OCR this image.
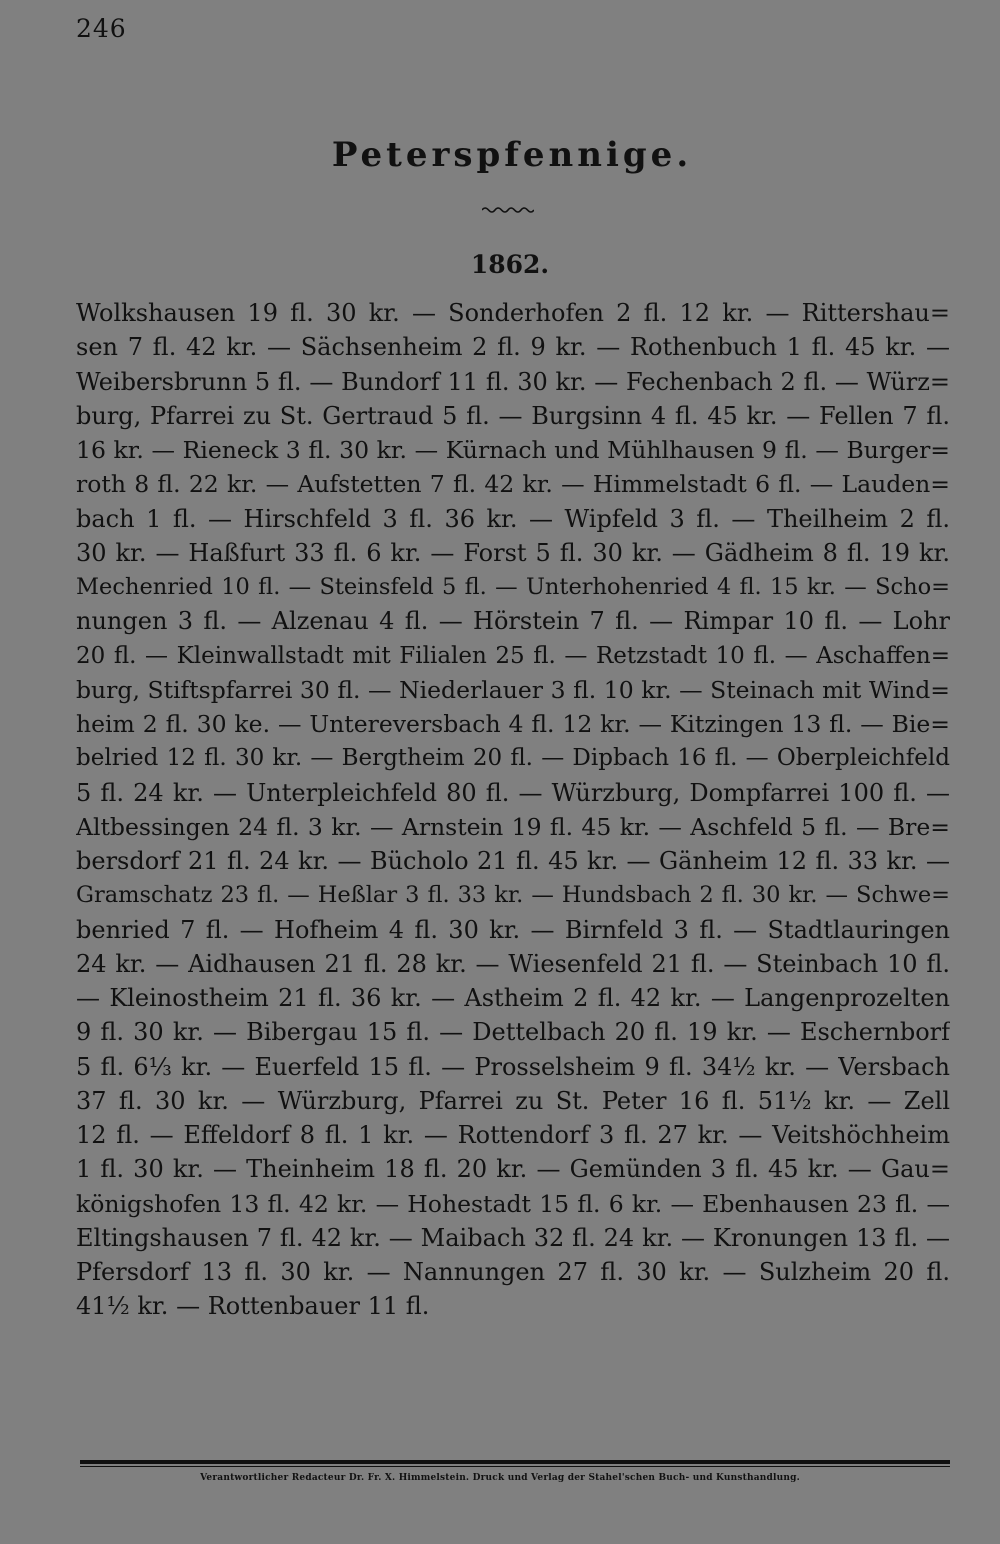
246
Peterspfennige.
1862.
Wolkshausen 19 fl. 30 kr. — Sonderhofen 2 fl. 12 kr. — Rittershau=
sen 7 fl. 42 kr. — Sächsenheim 2 fl. 9 kr. — Rothenbuch 1 fl. 45 kr. —
Weibersbrunn 5 fl. — Bundorf 11 fl. 30 kr. — Fechenbach 2 fl. — Würz=
burg, Pfarrei zu St. Gertraud 5 fl. — Burgsinn 4 fl. 45 kr. — Fellen 7 fl.
16 kr. — Rieneck 3 fl. 30 kr. — Kürnach und Mühlhausen 9 fl. — Burger=
roth 8 fl. 22 kr. — Aufstetten 7 fl. 42 kr. — Himmelstadt 6 fl. — Lauden=
bach 1 fl. — Hirschfeld 3 fl. 36 kr. — Wipfeld 3 fl. — Theilheim 2 fl.
30 kr. — Haßfurt 33 fl. 6 kr. — Forst 5 fl. 30 kr. — Gädheim 8 fl. 19 kr.
Mechenried 10 fl. — Steinsfeld 5 fl. — Unterhohenried 4 fl. 15 kr. — Scho=
nungen 3 fl. — Alzenau 4 fl. — Hörstein 7 fl. — Rimpar 10 fl. — Lohr
20 fl. — Kleinwallstadt mit Filialen 25 fl. — Retzstadt 10 fl. — Aschaffen=
burg, Stiftspfarrei 30 fl. — Niederlauer 3 fl. 10 kr. — Steinach mit Wind=
heim 2 fl. 30 ke. — Untereversbach 4 fl. 12 kr. — Kitzingen 13 fl. — Bie=
belried 12 fl. 30 kr. — Bergtheim 20 fl. — Dipbach 16 fl. — Oberpleichfeld
5 fl. 24 kr. — Unterpleichfeld 80 fl. — Würzburg, Dompfarrei 100 fl. —
Altbessingen 24 fl. 3 kr. — Arnstein 19 fl. 45 kr. — Aschfeld 5 fl. — Bre=
bersdorf 21 fl. 24 kr. — Bücholo 21 fl. 45 kr. — Gänheim 12 fl. 33 kr. —
Gramschatz 23 fl. — Heßlar 3 fl. 33 kr. — Hundsbach 2 fl. 30 kr. — Schwe=
benried 7 fl. — Hofheim 4 fl. 30 kr. — Birnfeld 3 fl. — Stadtlauringen
24 kr. — Aidhausen 21 fl. 28 kr. — Wiesenfeld 21 fl. — Steinbach 10 fl.
— Kleinostheim 21 fl. 36 kr. — Astheim 2 fl. 42 kr. — Langenprozelten
9 fl. 30 kr. — Bibergau 15 fl. — Dettelbach 20 fl. 19 kr. — Eschernborf
5 fl. 6⅓ kr. — Euerfeld 15 fl. — Prosselsheim 9 fl. 34½ kr. — Versbach
37 fl. 30 kr. — Würzburg, Pfarrei zu St. Peter 16 fl. 51½ kr. — Zell
12 fl. — Effeldorf 8 fl. 1 kr. — Rottendorf 3 fl. 27 kr. — Veitshöchheim
1 fl. 30 kr. — Theinheim 18 fl. 20 kr. — Gemünden 3 fl. 45 kr. — Gau=
königshofen 13 fl. 42 kr. — Hohestadt 15 fl. 6 kr. — Ebenhausen 23 fl. —
Eltingshausen 7 fl. 42 kr. — Maibach 32 fl. 24 kr. — Kronungen 13 fl. —
Pfersdorf 13 fl. 30 kr. — Nannungen 27 fl. 30 kr. — Sulzheim 20 fl.
41½ kr. — Rottenbauer 11 fl.
Verantwortlicher Redacteur Dr. Fr. X. Himmelstein. Druck und Verlag der Stahel'schen Buch- und Kunsthandlung.
